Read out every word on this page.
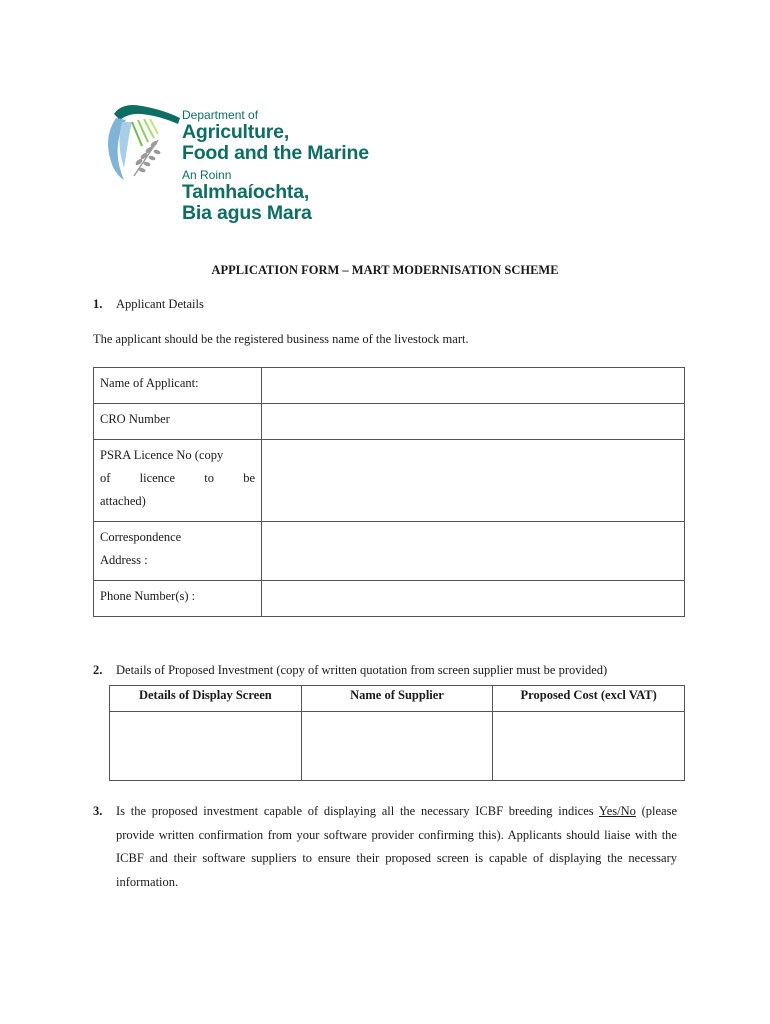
Department of
Agriculture,
Food and the Marine
An Roinn
Talmhaíochta,
Bia agus Mara
APPLICATION FORM – MART MODERNISATION SCHEME
1. Applicant Details
The applicant should be the registered business name of the livestock mart.
Name of Applicant:	

CRO Number	

PSRA Licence No (copy
of licence to be
attached)	

Correspondence
Address :	

Phone Number(s) :	

2. Details of Proposed Investment (copy of written quotation from screen supplier must be provided)
Details of Display Screen	Name of Supplier	Proposed Cost (excl VAT)

3. Is the proposed investment capable of displaying all the necessary ICBF breeding indices Yes/No (please provide written confirmation from your software provider confirming this). Applicants should liaise with the ICBF and their software suppliers to ensure their proposed screen is capable of displaying the necessary information.
